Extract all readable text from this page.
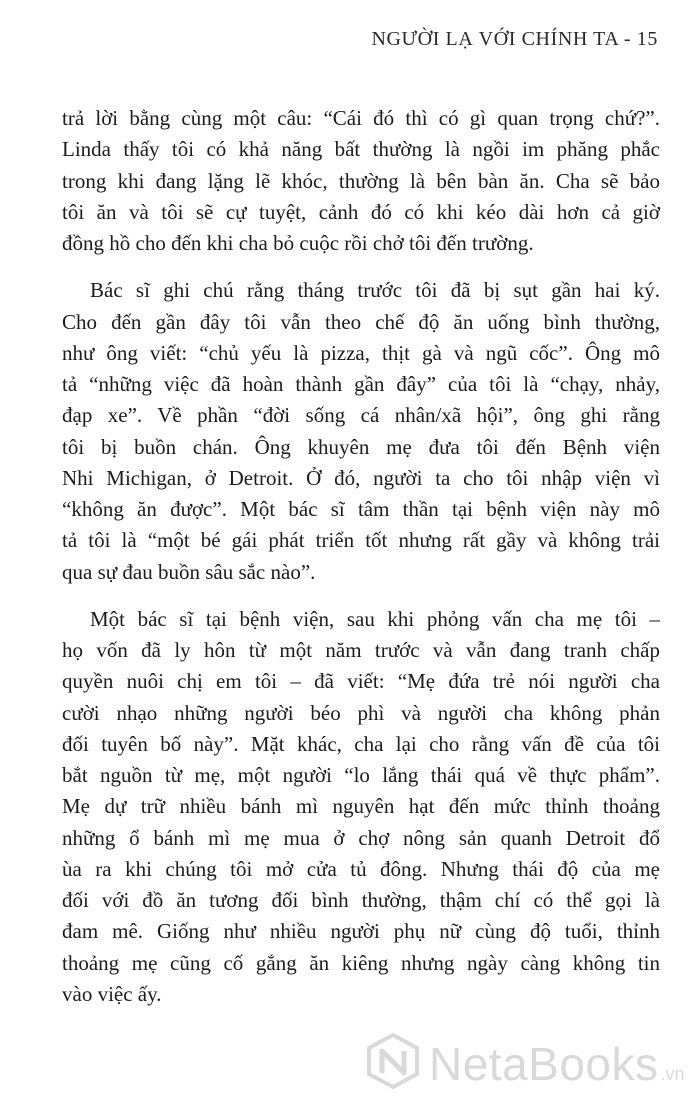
NGƯỜI LẠ VỚI CHÍNH TA - 15
trả lời bằng cùng một câu: “Cái đó thì có gì quan trọng chứ?”.
Linda thấy tôi có khả năng bất thường là ngồi im phăng phắc
trong khi đang lặng lẽ khóc, thường là bên bàn ăn. Cha sẽ bảo
tôi ăn và tôi sẽ cự tuyệt, cảnh đó có khi kéo dài hơn cả giờ
đồng hồ cho đến khi cha bỏ cuộc rồi chở tôi đến trường.
Bác sĩ ghi chú rằng tháng trước tôi đã bị sụt gần hai ký.
Cho đến gần đây tôi vẫn theo chế độ ăn uống bình thường,
như ông viết: “chủ yếu là pizza, thịt gà và ngũ cốc”. Ông mô
tả “những việc đã hoàn thành gần đây” của tôi là “chạy, nhảy,
đạp xe”. Về phần “đời sống cá nhân/xã hội”, ông ghi rằng
tôi bị buồn chán. Ông khuyên mẹ đưa tôi đến Bệnh viện
Nhi Michigan, ở Detroit. Ở đó, người ta cho tôi nhập viện vì
“không ăn được”. Một bác sĩ tâm thần tại bệnh viện này mô
tả tôi là “một bé gái phát triển tốt nhưng rất gầy và không trải
qua sự đau buồn sâu sắc nào”.
Một bác sĩ tại bệnh viện, sau khi phỏng vấn cha mẹ tôi –
họ vốn đã ly hôn từ một năm trước và vẫn đang tranh chấp
quyền nuôi chị em tôi – đã viết: “Mẹ đứa trẻ nói người cha
cười nhạo những người béo phì và người cha không phản
đối tuyên bố này”. Mặt khác, cha lại cho rằng vấn đề của tôi
bắt nguồn từ mẹ, một người “lo lắng thái quá về thực phẩm”.
Mẹ dự trữ nhiều bánh mì nguyên hạt đến mức thỉnh thoảng
những ổ bánh mì mẹ mua ở chợ nông sản quanh Detroit đổ
ùa ra khi chúng tôi mở cửa tủ đông. Nhưng thái độ của mẹ
đối với đồ ăn tương đối bình thường, thậm chí có thể gọi là
đam mê. Giống như nhiều người phụ nữ cùng độ tuổi, thỉnh
thoảng mẹ cũng cố gắng ăn kiêng nhưng ngày càng không tin
vào việc ấy.
NetaBooks .vn
